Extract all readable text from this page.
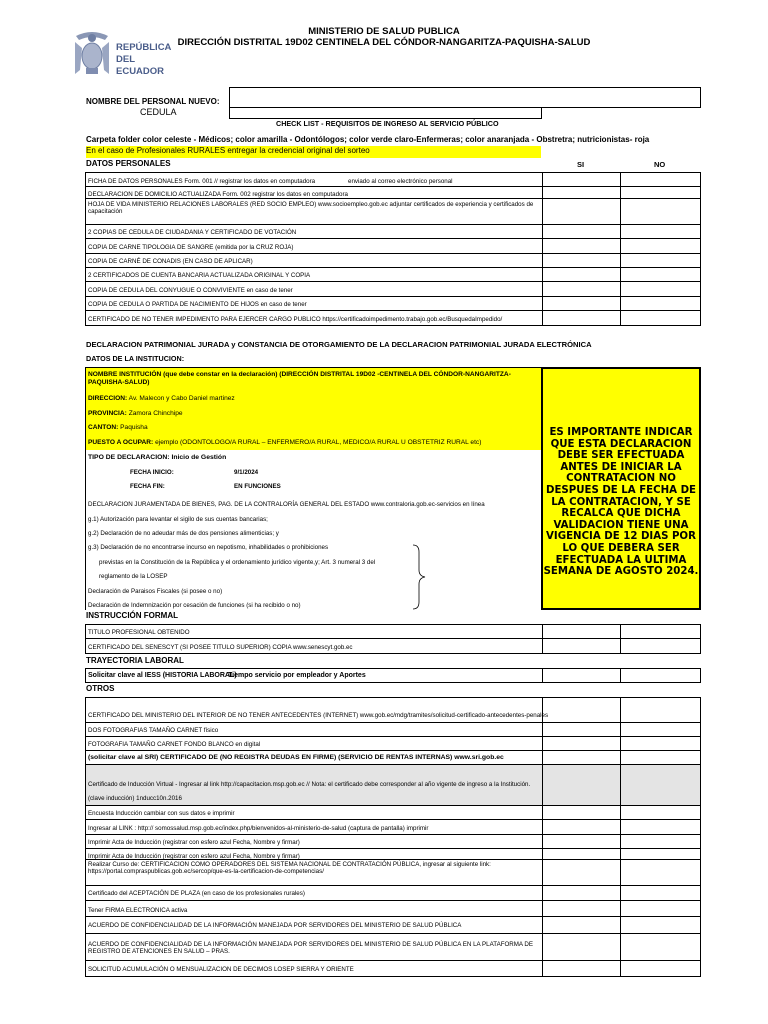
REPÚBLICA
DEL ECUADOR
MINISTERIO DE SALUD PUBLICA
DIRECCIÓN DISTRITAL 19D02 CENTINELA DEL CÓNDOR-NANGARITZA-PAQUISHA-SALUD
NOMBRE DEL PERSONAL NUEVO:
CEDULA
CHECK LIST - REQUISITOS DE INGRESO AL SERVICIO PÚBLICO
Carpeta folder color celeste - Médicos; color amarilla - Odontólogos; color verde claro-Enfermeras; color anaranjada - Obstretra; nutricionistas- roja
En el caso de Profesionales RURALES entregar la credencial original del sorteo
DATOS PERSONALES	SI	NO
FICHA DE DATOS PERSONALES Form. 001 // registrar los datos en computadora	enviado al correo electrónico personal
DECLARACION DE DOMICILIO ACTUALIZADA Form. 002 registrar los datos en computadora
HOJA DE VIDA MINISTERIO RELACIONES LABORALES (RED SOCIO EMPLEO) www.socioempleo.gob.ec adjuntar certificados de experiencia y certificados de
capacitación
2 COPIAS DE CEDULA DE CIUDADANIA Y CERTIFICADO DE VOTACIÓN
COPIA DE CARNE TIPOLOGIA DE SANGRE (emitida por la CRUZ ROJA)
COPIA DE CARNÉ DE CONADIS (EN CASO DE APLICAR)
2 CERTIFICADOS DE CUENTA BANCARIA ACTUALIZADA ORIGINAL Y COPIA
COPIA DE CEDULA DEL CONYUGUE O CONVIVIENTE en caso de tener
COPIA DE CEDULA O PARTIDA DE NACIMIENTO DE HIJOS en caso de tener
CERTIFICADO DE NO TENER IMPEDIMENTO PARA EJERCER CARGO PUBLICO https://certificadoimpedimento.trabajo.gob.ec/BusquedaImpedido/
DECLARACION PATRIMONIAL JURADA y CONSTANCIA DE OTORGAMIENTO DE LA DECLARACION PATRIMONIAL JURADA ELECTRÓNICA
DATOS DE LA INSTITUCION:
NOMBRE INSTITUCIÓN (que debe constar en la declaración) (DIRECCIÓN DISTRITAL 19D02 -CENTINELA DEL CÓNDOR-NANGARITZA-
PAQUISHA-SALUD)
DIRECCION: Av. Malecon y Cabo Daniel martinez
PROVINCIA: Zamora Chinchipe
CANTON: Paquisha
PUESTO A OCUPAR: ejemplo (ODONTOLOGO/A RURAL – ENFERMERO/A RURAL, MEDICO/A RURAL U OBSTETRIZ RURAL etc)
TIPO DE DECLARACION: Inicio de Gestión
FECHA INICIO:	9/1/2024
FECHA FIN:	EN FUNCIONES
DECLARACION JURAMENTADA DE BIENES, PAG. DE LA CONTRALORÍA GENERAL DEL ESTADO www.contraloria.gob.ec-servicios en línea
g.1) Autorización para levantar el sigilo de sus cuentas bancarias;
g.2) Declaración de no adeudar más de dos pensiones alimenticias; y
g.3) Declaración de no encontrarse incurso en nepotismo, inhabilidades o prohibiciones
previstas en la Constitución de la República y el ordenamiento jurídico vigente,y; Art. 3 numeral 3 del
reglamento de la LOSEP
Declaración de Paraisos Fiscales (si posee o no)
Declaración de Indemnización por cesación de funciones (si ha recibido o no)
ES IMPORTANTE INDICAR QUE ESTA DECLARACION DEBE SER EFECTUADA ANTES DE INICIAR LA CONTRATACION NO DESPUES DE LA FECHA DE LA CONTRATACION, Y SE RECALCA QUE DICHA VALIDACION TIENE UNA VIGENCIA DE 12 DIAS POR LO QUE DEBERA SER EFECTUADA LA ULTIMA SEMANA DE AGOSTO 2024.
INSTRUCCIÓN FORMAL
TITULO PROFESIONAL OBTENIDO
CERTIFICADO DEL SENESCYT (SI POSEE TITULO SUPERIOR) COPIA www.senescyt.gob.ec
TRAYECTORIA LABORAL
Solicitar clave al IESS (HISTORIA LABORAL)
Tiempo servicio por empleador y Aportes
OTROS
CERTIFICADO DEL MINISTERIO DEL INTERIOR DE NO TENER ANTECEDENTES (INTERNET) www.gob.ec/mdg/tramites/solicitud-certificado-antecedentes-penales
DOS FOTOGRAFIAS TAMAÑO CARNET físico
FOTOGRAFIA TAMAÑO CARNET FONDO BLANCO en digital
(solicitar clave al SRI) CERTIFICADO DE (NO REGISTRA DEUDAS EN FIRME) (SERVICIO DE RENTAS INTERNAS) www.sri.gob.ec
Certificado de Inducción Virtual - Ingresar al link http://capacitacion.msp.gob.ec // Nota: el certificado debe corresponder al año vigente de ingreso a la Institución.
(clave inducción) 1nducc10n.2016
Encuesta Inducción cambiar con sus datos e imprimir
Ingresar al LINK : http:// somossalud.msp.gob.ec/index.php/bienvenidos-al-ministerio-de-salud (captura de pantalla) imprimir
Imprimir Acta de Inducción (registrar con esfero azul Fecha, Nombre y firmar)
Imprimir Acta de Inducción (registrar con esfero azul Fecha, Nombre y firmar)
Realizar Curso de: CERTIFICACION COMO OPERADORES DEL SISTEMA NACIONAL DE CONTRATACIÓN PÚBLICA, ingresar al siguiente link:
https://portal.compraspublicas.gob.ec/sercop/que-es-la-certificacion-de-competencias/
Certificado del ACEPTACIÓN DE PLAZA (en caso de los profesionales rurales)
Tener FIRMA ELECTRONICA activa
ACUERDO DE CONFIDENCIALIDAD DE LA INFORMACIÓN MANEJADA POR SERVIDORES DEL MINISTERIO DE SALUD PÚBLICA
ACUERDO DE CONFIDENCIALIDAD DE LA INFORMACIÓN MANEJADA POR SERVIDORES DEL MINISTERIO DE SALUD PÚBLICA EN LA PLATAFORMA DE
REGISTRO DE ATENCIONES EN SALUD – PRAS.
SOLICITUD ACUMULACIÓN O MENSUALIZACION DE DECIMOS LOSEP SIERRA Y ORIENTE
